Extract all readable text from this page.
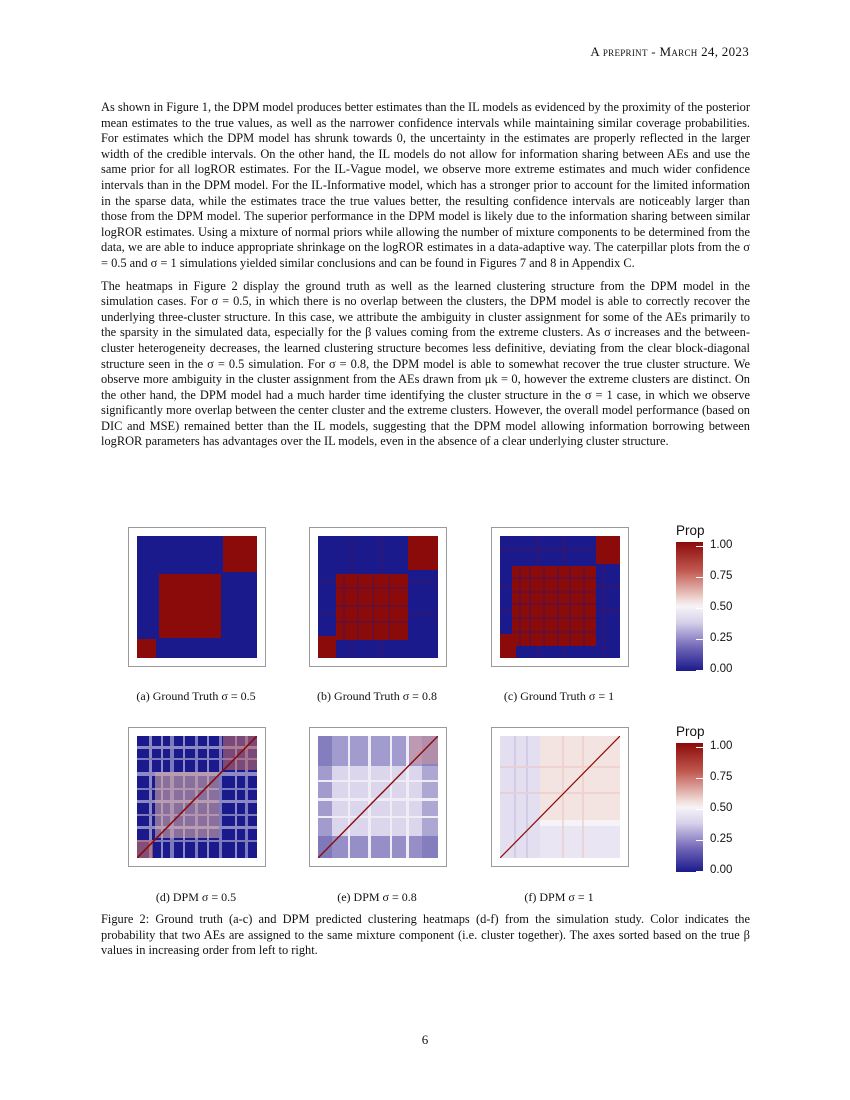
A preprint - March 24, 2023

As shown in Figure 1, the DPM model produces better estimates than the IL models as evidenced by the proximity of the posterior mean estimates to the true values, as well as the narrower confidence intervals while maintaining similar coverage probabilities. For estimates which the DPM model has shrunk towards 0, the uncertainty in the estimates are properly reflected in the larger width of the credible intervals. On the other hand, the IL models do not allow for information sharing between AEs and use the same prior for all logROR estimates. For the IL-Vague model, we observe more extreme estimates and much wider confidence intervals than in the DPM model. For the IL-Informative model, which has a stronger prior to account for the limited information in the sparse data, while the estimates trace the true values better, the resulting confidence intervals are noticeably larger than those from the DPM model. The superior performance in the DPM model is likely due to the information sharing between similar logROR estimates. Using a mixture of normal priors while allowing the number of mixture components to be determined from the data, we are able to induce appropriate shrinkage on the logROR estimates in a data-adaptive way. The caterpillar plots from the σ = 0.5 and σ = 1 simulations yielded similar conclusions and can be found in Figures 7 and 8 in Appendix C.

The heatmaps in Figure 2 display the ground truth as well as the learned clustering structure from the DPM model in the simulation cases. For σ = 0.5, in which there is no overlap between the clusters, the DPM model is able to correctly recover the underlying three-cluster structure. In this case, we attribute the ambiguity in cluster assignment for some of the AEs primarily to the sparsity in the simulated data, especially for the β values coming from the extreme clusters. As σ increases and the between-cluster heterogeneity decreases, the learned clustering structure becomes less definitive, deviating from the clear block-diagonal structure seen in the σ = 0.5 simulation. For σ = 0.8, the DPM model is able to somewhat recover the true cluster structure. We observe more ambiguity in the cluster assignment from the AEs drawn from μk = 0, however the extreme clusters are distinct. On the other hand, the DPM model had a much harder time identifying the cluster structure in the σ = 1 case, in which we observe significantly more overlap between the center cluster and the extreme clusters. However, the overall model performance (based on DIC and MSE) remained better than the IL models, suggesting that the DPM model allowing information borrowing between logROR parameters has advantages over the IL models, even in the absence of a clear underlying cluster structure.

(a) Ground Truth σ = 0.5	(b) Ground Truth σ = 0.8	(c) Ground Truth σ = 1
Prop
1.00
0.75
0.50
0.25
0.00
(d) DPM σ = 0.5	(e) DPM σ = 0.8	(f) DPM σ = 1
Prop
1.00
0.75
0.50
0.25
0.00
Figure 2: Ground truth (a-c) and DPM predicted clustering heatmaps (d-f) from the simulation study. Color indicates the probability that two AEs are assigned to the same mixture component (i.e. cluster together). The axes sorted based on the true β values in increasing order from left to right.
6
